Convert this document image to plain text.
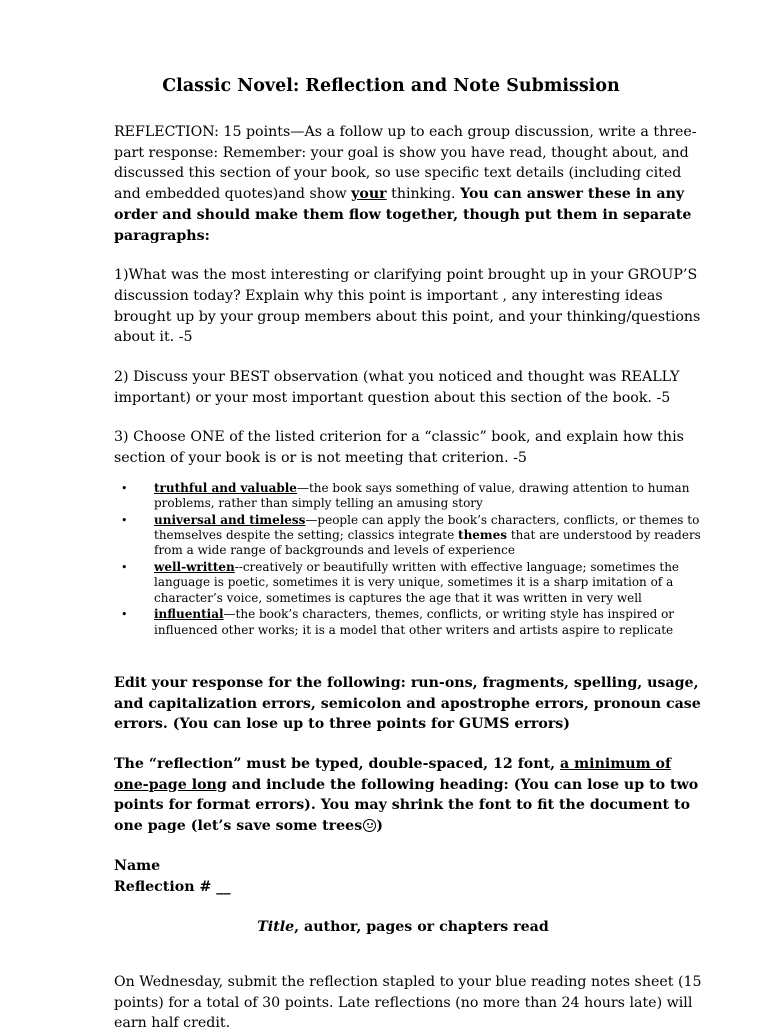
Classic Novel: Reflection and Note Submission

REFLECTION: 15 points—As a follow up to each group discussion, write a three-part response: Remember: your goal is show you have read, thought about, and discussed this section of your book, so use specific text details (including cited and embedded quotes)and show your thinking. You can answer these in any order and should make them flow together, though put them in separate paragraphs:

1)What was the most interesting or clarifying point brought up in your GROUP’S discussion today? Explain why this point is important , any interesting ideas brought up by your group members about this point, and your thinking/questions about it. -5

2) Discuss your BEST observation (what you noticed and thought was REALLY important) or your most important question about this section of the book. -5

3) Choose ONE of the listed criterion for a “classic” book, and explain how this section of your book is or is not meeting that criterion. -5

• truthful and valuable—the book says something of value, drawing attention to human problems, rather than simply telling an amusing story
• universal and timeless—people can apply the book’s characters, conflicts, or themes to themselves despite the setting; classics integrate themes that are understood by readers from a wide range of backgrounds and levels of experience
• well-written--creatively or beautifully written with effective language; sometimes the language is poetic, sometimes it is very unique, sometimes it is a sharp imitation of a character’s voice, sometimes is captures the age that it was written in very well
• influential—the book’s characters, themes, conflicts, or writing style has inspired or influenced other works; it is a model that other writers and artists aspire to replicate

Edit your response for the following: run-ons, fragments, spelling, usage, and capitalization errors, semicolon and apostrophe errors, pronoun case errors. (You can lose up to three points for GUMS errors)

The “reflection” must be typed, double-spaced, 12 font, a minimum of one-page long and include the following heading: (You can lose up to two points for format errors). You may shrink the font to fit the document to one page (let’s save some trees )

Name

Reflection # __

Title, author, pages or chapters read

On Wednesday, submit the reflection stapled to your blue reading notes sheet (15 points) for a total of 30 points. Late reflections (no more than 24 hours late) will earn half credit.
